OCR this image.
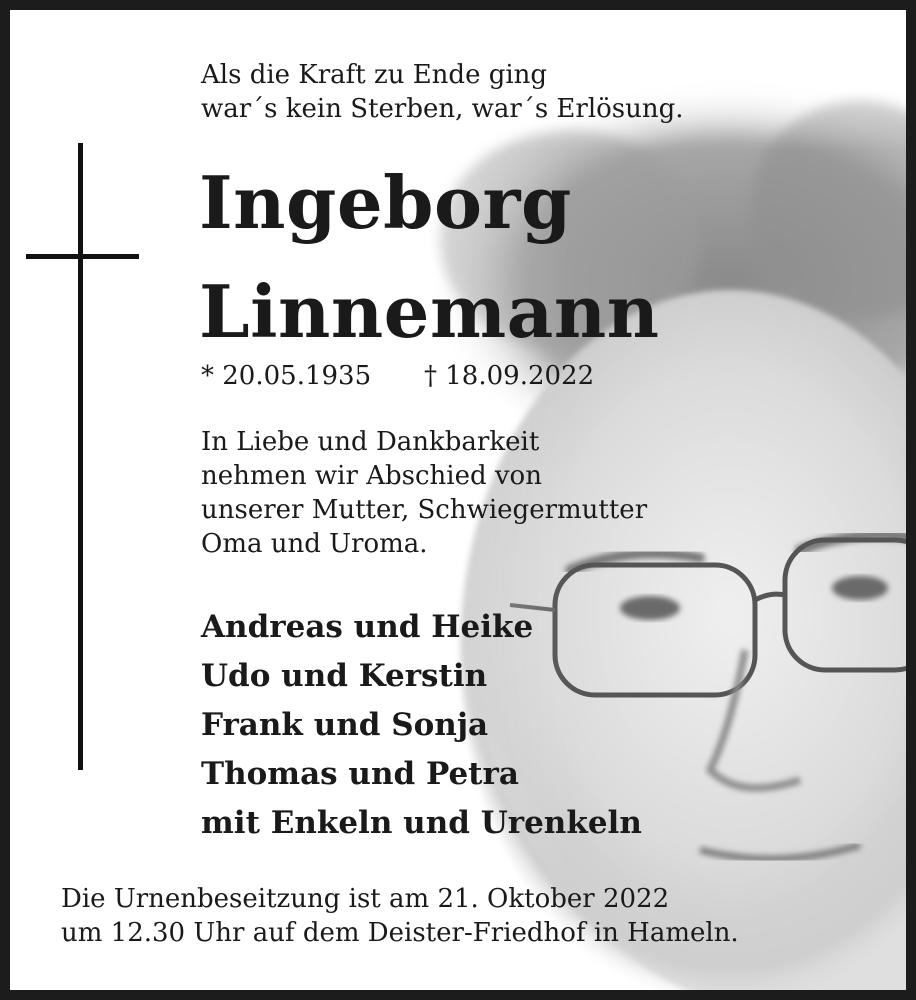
Als die Kraft zu Ende ging
war´s kein Sterben, war´s Erlösung.
Ingeborg
Linnemann
* 20.05.1935 † 18.09.2022
In Liebe und Dankbarkeit
nehmen wir Abschied von
unserer Mutter, Schwiegermutter
Oma und Uroma.
Andreas und Heike
Udo und Kerstin
Frank und Sonja
Thomas und Petra
mit Enkeln und Urenkeln
Die Urnenbeseitzung ist am 21. Oktober 2022
um 12.30 Uhr auf dem Deister-Friedhof in Hameln.
